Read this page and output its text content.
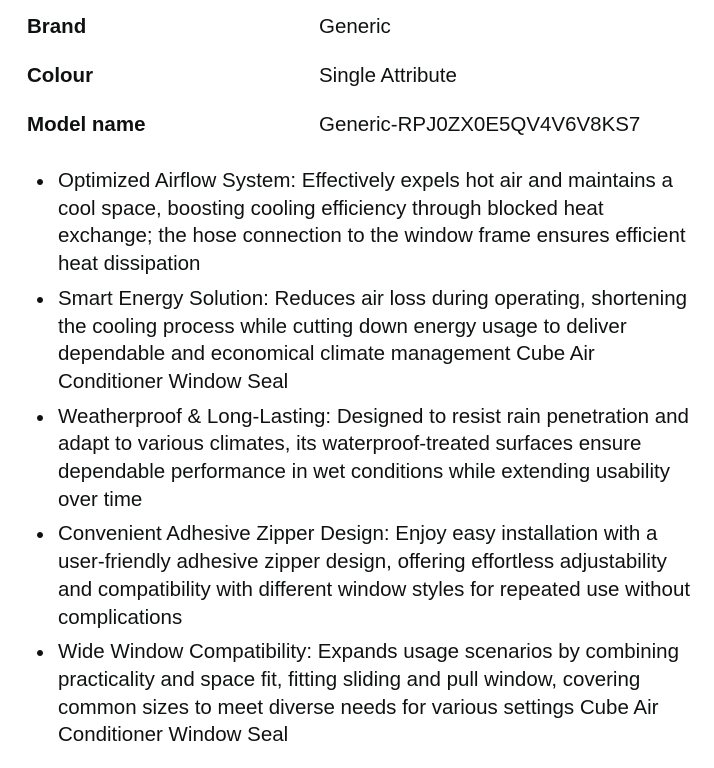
Brand	Generic
Colour	Single Attribute
Model name	Generic-RPJ0ZX0E5QV4V6V8KS7
Optimized Airflow System: Effectively expels hot air and maintains a cool space, boosting cooling efficiency through blocked heat exchange; the hose connection to the window frame ensures efficient heat dissipation
Smart Energy Solution: Reduces air loss during operating, shortening the cooling process while cutting down energy usage to deliver dependable and economical climate management Cube Air Conditioner Window Seal
Weatherproof & Long-Lasting: Designed to resist rain penetration and adapt to various climates, its waterproof-treated surfaces ensure dependable performance in wet conditions while extending usability over time
Convenient Adhesive Zipper Design: Enjoy easy installation with a user-friendly adhesive zipper design, offering effortless adjustability and compatibility with different window styles for repeated use without complications
Wide Window Compatibility: Expands usage scenarios by combining practicality and space fit, fitting sliding and pull window, covering common sizes to meet diverse needs for various settings Cube Air Conditioner Window Seal
